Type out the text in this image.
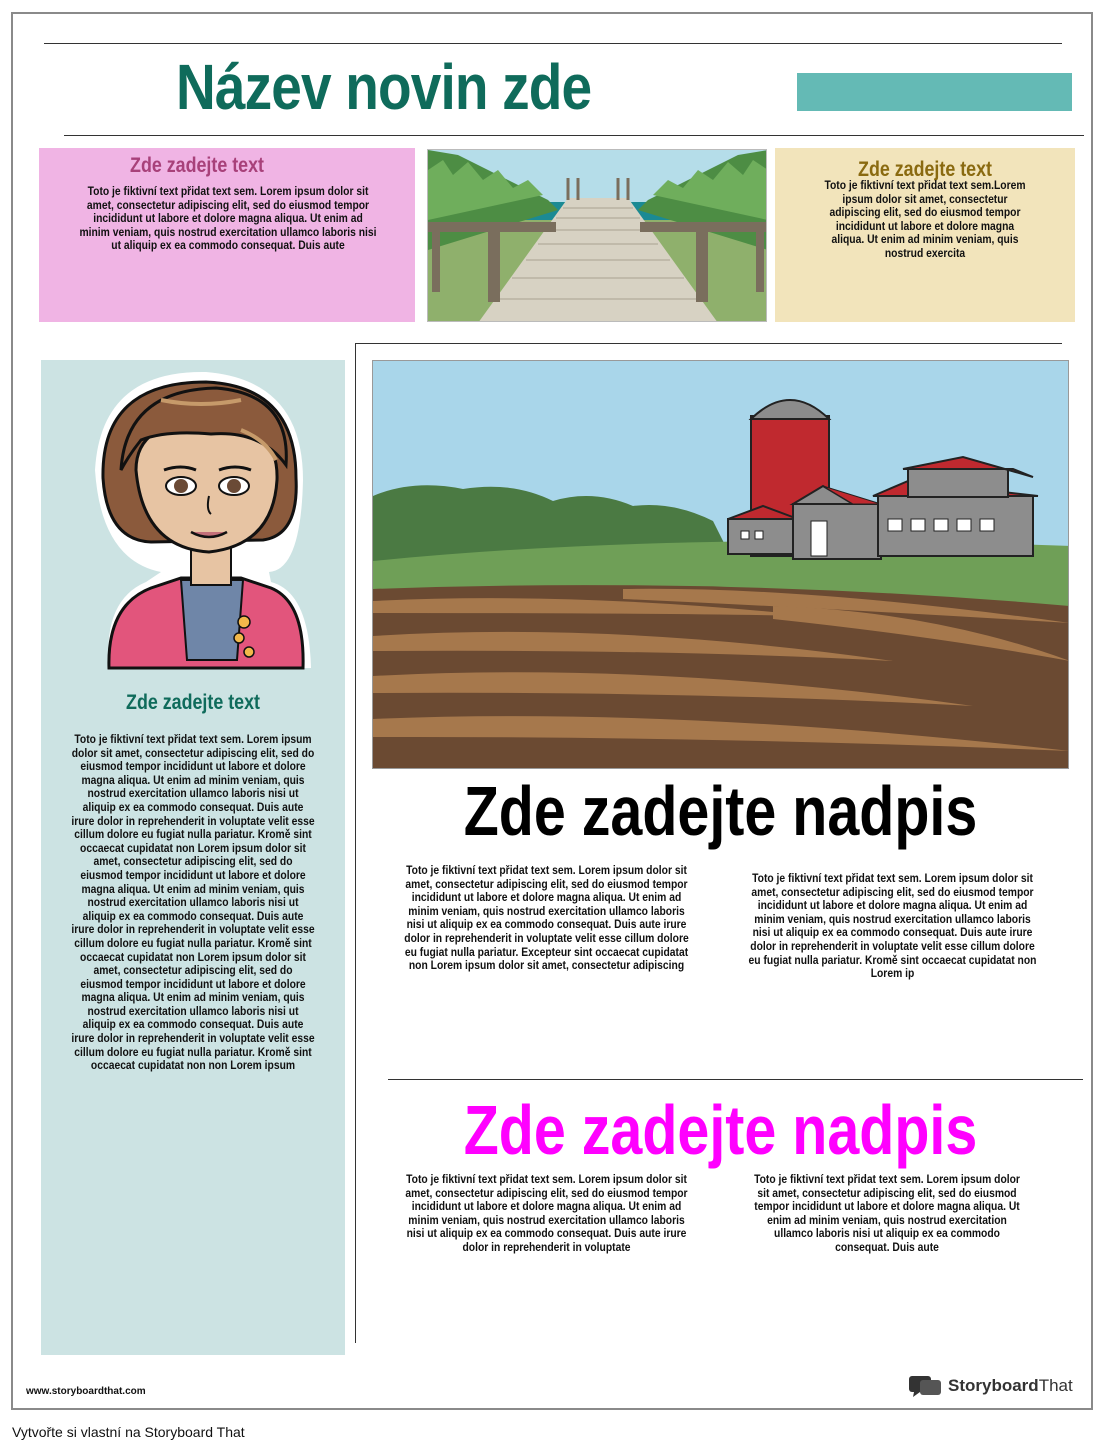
Název novin zde
Zde zadejte text
Toto je fiktivní text přidat text sem. Lorem ipsum dolor sit amet, consectetur adipiscing elit, sed do eiusmod tempor incididunt ut labore et dolore magna aliqua. Ut enim ad minim veniam, quis nostrud exercitation ullamco laboris nisi ut aliquip ex ea commodo consequat. Duis aute
Zde zadejte text
Toto je fiktivní text přidat text sem.Lorem ipsum dolor sit amet, consectetur adipiscing elit, sed do eiusmod tempor incididunt ut labore et dolore magna aliqua. Ut enim ad minim veniam, quis nostrud exercita
Zde zadejte text
Toto je fiktivní text přidat text sem. Lorem ipsum dolor sit amet, consectetur adipiscing elit, sed do eiusmod tempor incididunt ut labore et dolore magna aliqua. Ut enim ad minim veniam, quis nostrud exercitation ullamco laboris nisi ut aliquip ex ea commodo consequat. Duis aute irure dolor in reprehenderit in voluptate velit esse cillum dolore eu fugiat nulla pariatur. Kromě sint occaecat cupidatat non Lorem ipsum dolor sit amet, consectetur adipiscing elit, sed do eiusmod tempor incididunt ut labore et dolore magna aliqua. Ut enim ad minim veniam, quis nostrud exercitation ullamco laboris nisi ut aliquip ex ea commodo consequat. Duis aute irure dolor in reprehenderit in voluptate velit esse cillum dolore eu fugiat nulla pariatur. Kromě sint occaecat cupidatat non Lorem ipsum dolor sit amet, consectetur adipiscing elit, sed do eiusmod tempor incididunt ut labore et dolore magna aliqua. Ut enim ad minim veniam, quis nostrud exercitation ullamco laboris nisi ut aliquip ex ea commodo consequat. Duis aute irure dolor in reprehenderit in voluptate velit esse cillum dolore eu fugiat nulla pariatur. Kromě sint occaecat cupidatat non non Lorem ipsum
Zde zadejte nadpis
Toto je fiktivní text přidat text sem. Lorem ipsum dolor sit amet, consectetur adipiscing elit, sed do eiusmod tempor incididunt ut labore et dolore magna aliqua. Ut enim ad minim veniam, quis nostrud exercitation ullamco laboris nisi ut aliquip ex ea commodo consequat. Duis aute irure dolor in reprehenderit in voluptate velit esse cillum dolore eu fugiat nulla pariatur. Excepteur sint occaecat cupidatat non Lorem ipsum dolor sit amet, consectetur adipiscing
Toto je fiktivní text přidat text sem. Lorem ipsum dolor sit amet, consectetur adipiscing elit, sed do eiusmod tempor incididunt ut labore et dolore magna aliqua. Ut enim ad minim veniam, quis nostrud exercitation ullamco laboris nisi ut aliquip ex ea commodo consequat. Duis aute irure dolor in reprehenderit in voluptate velit esse cillum dolore eu fugiat nulla pariatur. Kromě sint occaecat cupidatat non Lorem ip
Zde zadejte nadpis
Toto je fiktivní text přidat text sem. Lorem ipsum dolor sit amet, consectetur adipiscing elit, sed do eiusmod tempor incididunt ut labore et dolore magna aliqua. Ut enim ad minim veniam, quis nostrud exercitation ullamco laboris nisi ut aliquip ex ea commodo consequat. Duis aute irure dolor in reprehenderit in voluptate
Toto je fiktivní text přidat text sem. Lorem ipsum dolor sit amet, consectetur adipiscing elit, sed do eiusmod tempor incididunt ut labore et dolore magna aliqua. Ut enim ad minim veniam, quis nostrud exercitation ullamco laboris nisi ut aliquip ex ea commodo consequat. Duis aute
www.storyboardthat.com	StoryboardThat
Vytvořte si vlastní na Storyboard That
